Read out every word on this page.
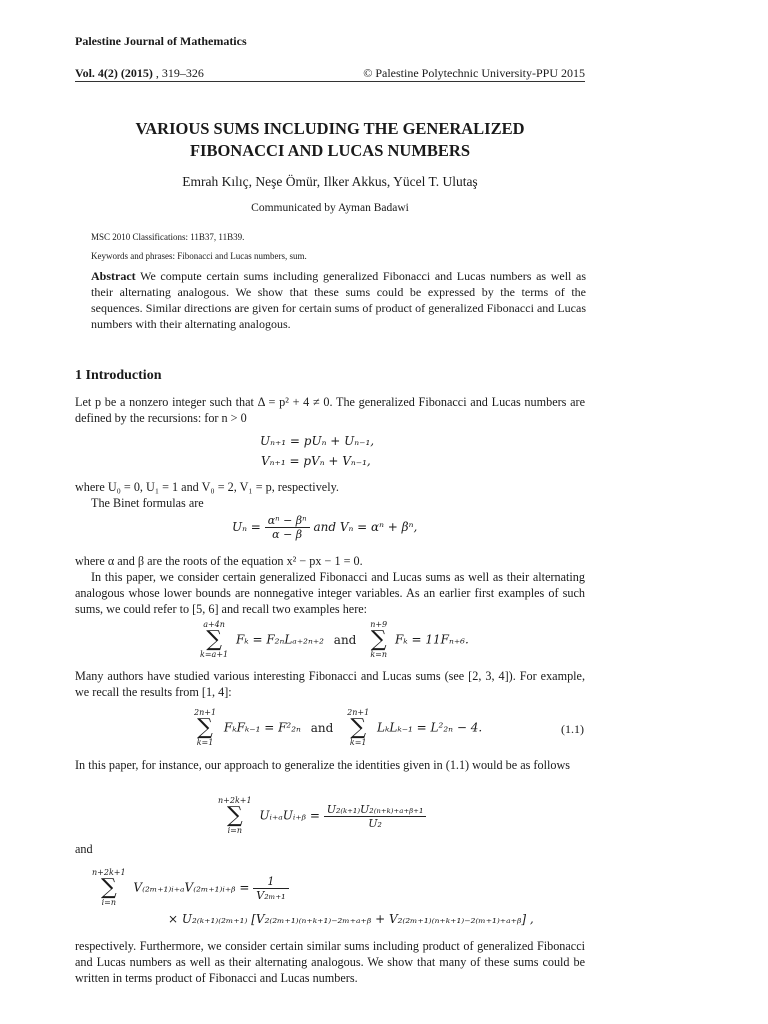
Palestine Journal of Mathematics
Vol. 4(2) (2015) , 319–326	© Palestine Polytechnic University-PPU 2015
VARIOUS SUMS INCLUDING THE GENERALIZED
FIBONACCI AND LUCAS NUMBERS
Emrah Kılıç, Neşe Ömür, Ilker Akkus, Yücel T. Ulutaş
Communicated by Ayman Badawi
MSC 2010 Classifications: 11B37, 11B39.
Keywords and phrases: Fibonacci and Lucas numbers, sum.
Abstract We compute certain sums including generalized Fibonacci and Lucas numbers as well as their alternating analogous. We show that these sums could be expressed by the terms of the sequences. Similar directions are given for certain sums of product of generalized Fibonacci and Lucas numbers with their alternating analogous.
1 Introduction
Let p be a nonzero integer such that Δ = p² + 4 ≠ 0. The generalized Fibonacci and Lucas numbers are defined by the recursions: for n > 0
Uₙ₊₁ = pUₙ + Uₙ₋₁,
Vₙ₊₁ = pVₙ + Vₙ₋₁,
where U₀ = 0, U₁ = 1 and V₀ = 2, V₁ = p, respectively.
The Binet formulas are
$U_n = \frac{\text{αⁿ − βⁿ}}{\alpha - \beta}$ and Vₙ = αⁿ + βⁿ,
where α and β are the roots of the equation x² − px − 1 = 0.
In this paper, we consider certain generalized Fibonacci and Lucas sums as well as their alternating analogous whose lower bounds are nonnegative integer variables. As an earlier first examples of such sums, we could refer to [5, 6] and recall two examples here:
a+4n
∑
k=a+1
Fₖ = F₂ₙLₐ₊₂ₙ₊₂ and
n+9
∑
k=n
Fₖ = 11Fₙ₊₆.
Many authors have studied various interesting Fibonacci and Lucas sums (see [2, 3, 4]). For example, we recall the results from [1, 4]:
2n+1
∑
k=1
FₖFₖ₋₁ = F²₂ₙ and
2n+1
∑
k=1
LₖLₖ₋₁ = L²₂ₙ − 4.	(1.1)
In this paper, for instance, our approach to generalize the identities given in (1.1) would be as follows
n+2k+1
∑
i=n
Uᵢ₊ₐUᵢ₊ᵦ = $\frac{\text{U₂₍ₖ₊₁₎U₂₍ₙ₊ₖ₎₊ₐ₊ᵦ₊₁}}{\text{U₂}}$
and
n+2k+1
∑
i=n
V₍₂ₘ₊₁₎ᵢ₊ₐV₍₂ₘ₊₁₎ᵢ₊ᵦ = $\frac{1}{\text{V₂ₘ₊₁}}$
× U₂₍ₖ₊₁₎₍₂ₘ₊₁₎ [V₂₍₂ₘ₊₁₎₍ₙ₊ₖ₊₁₎₋₂ₘ₊ₐ₊ᵦ + V₂₍₂ₘ₊₁₎₍ₙ₊ₖ₊₁₎₋₂₍ₘ₊₁₎₊ₐ₊ᵦ] ,
respectively. Furthermore, we consider certain similar sums including product of generalized Fibonacci and Lucas numbers as well as their alternating analogous. We show that many of these sums could be written in terms product of Fibonacci and Lucas numbers.
